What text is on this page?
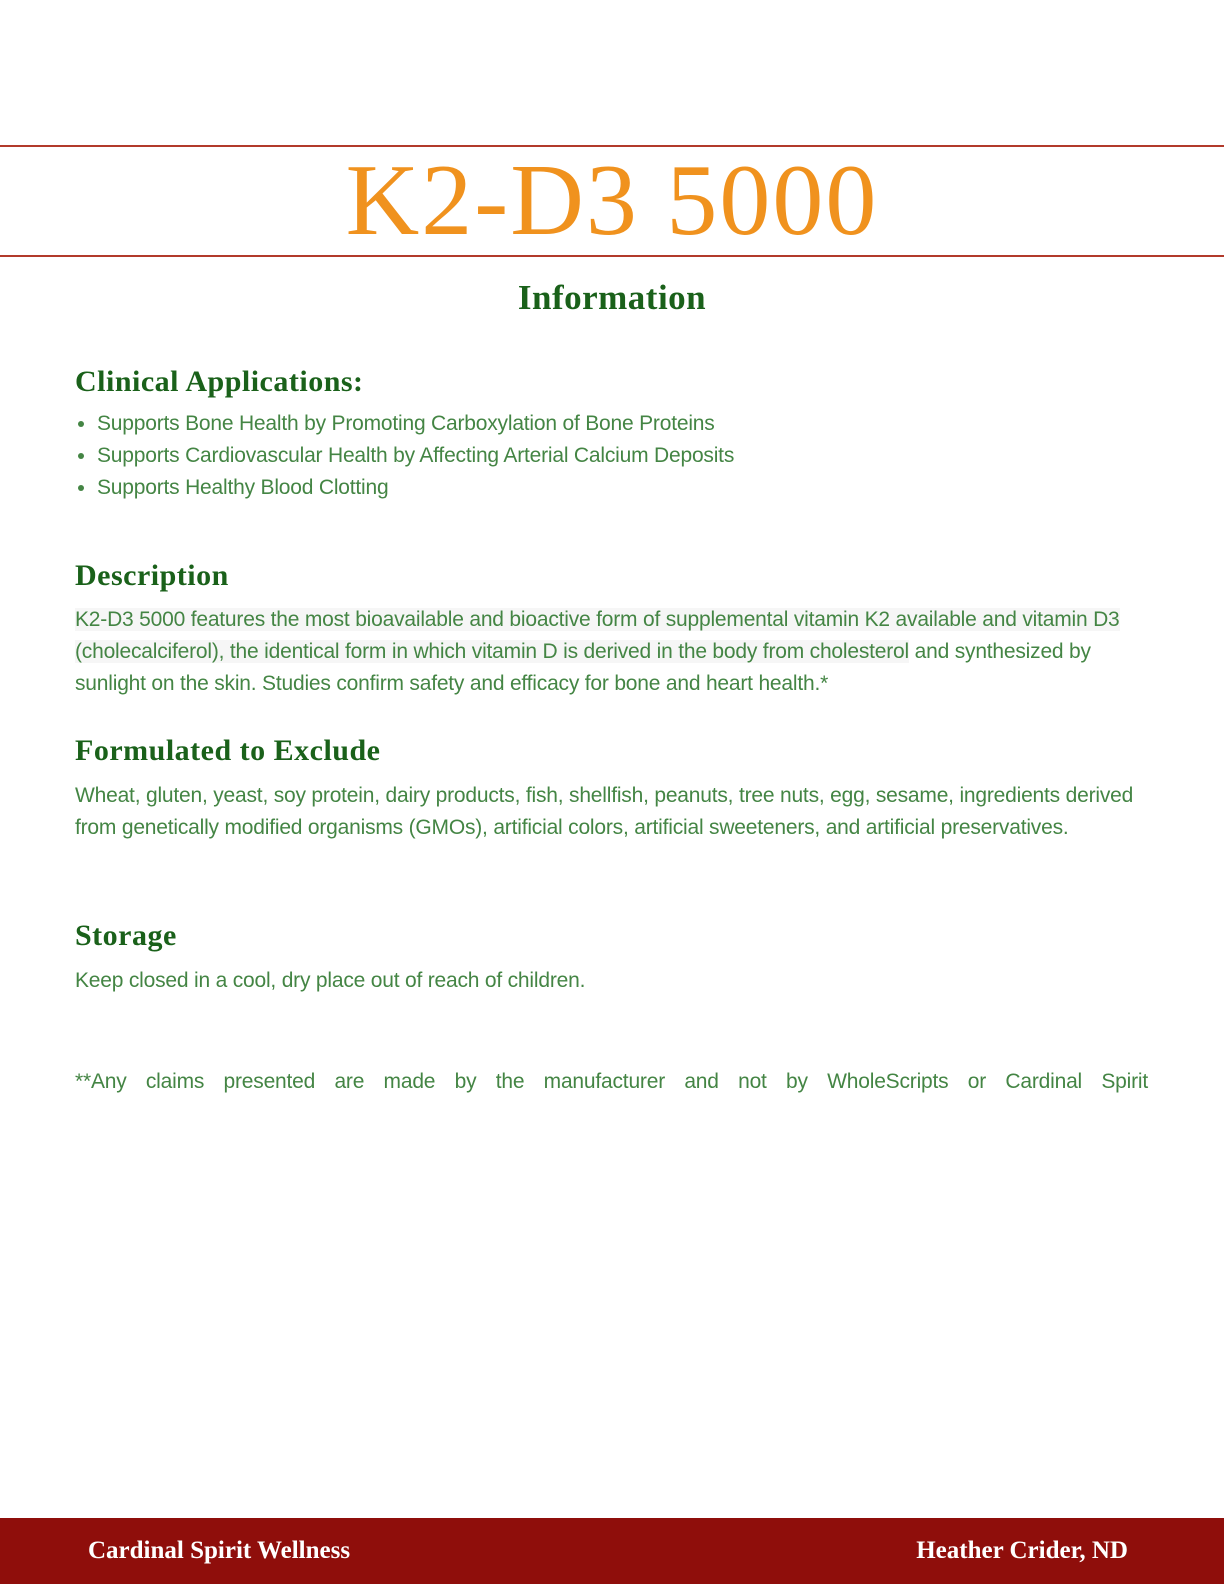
K2-D3 5000
Information
Clinical Applications:
• Supports Bone Health by Promoting Carboxylation of Bone Proteins
• Supports Cardiovascular Health by Affecting Arterial Calcium Deposits
• Supports Healthy Blood Clotting
Description

K2-D3 5000 features the most bioavailable and bioactive form of supplemental vitamin K2 available and vitamin D3 (cholecalciferol), the identical form in which vitamin D is derived in the body from cholesterol and synthesized by sunlight on the skin. Studies confirm safety and efficacy for bone and heart health.*

Formulated to Exclude

Wheat, gluten, yeast, soy protein, dairy products, fish, shellfish, peanuts, tree nuts, egg, sesame, ingredients derived from genetically modified organisms (GMOs), artificial colors, artificial sweeteners, and artificial preservatives.

Storage

Keep closed in a cool, dry place out of reach of children.

**Any claims presented are made by the manufacturer and not by WholeScripts or Cardinal Spirit

Cardinal Spirit Wellness	Heather Crider, ND
